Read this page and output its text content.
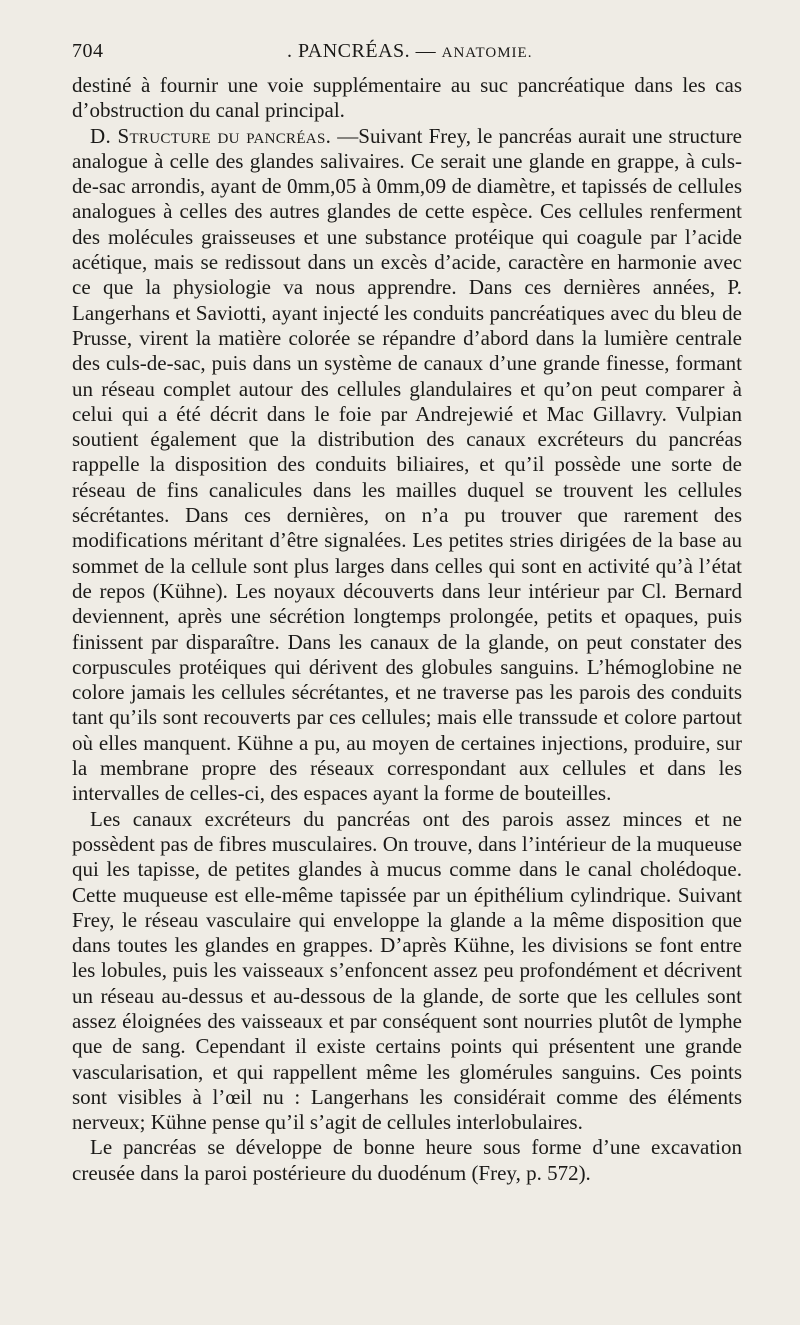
704	. PANCRÉAS. — ANATOMIE.

destiné à fournir une voie supplémentaire au suc pancréatique dans les cas d’obstruction du canal principal.

D. Structure du pancréas. —Suivant Frey, le pancréas aurait une structure analogue à celle des glandes salivaires. Ce serait une glande en grappe, à culs-de-sac arrondis, ayant de 0mm,05 à 0mm,09 de diamètre, et tapissés de cellules analogues à celles des autres glandes de cette espèce. Ces cellules renferment des molécules graisseuses et une substance protéique qui coagule par l’acide acétique, mais se redissout dans un excès d’acide, caractère en harmonie avec ce que la physiologie va nous apprendre. Dans ces dernières années, P. Langerhans et Saviotti, ayant injecté les conduits pancréatiques avec du bleu de Prusse, virent la matière colorée se répandre d’abord dans la lumière centrale des culs-de-sac, puis dans un système de canaux d’une grande finesse, formant un réseau complet autour des cellules glandulaires et qu’on peut comparer à celui qui a été décrit dans le foie par Andrejewié et Mac Gillavry. Vulpian soutient également que la distribution des canaux excréteurs du pancréas rappelle la disposition des conduits biliaires, et qu’il possède une sorte de réseau de fins canalicules dans les mailles duquel se trouvent les cellules sécrétantes. Dans ces dernières, on n’a pu trouver que rarement des modifications méritant d’être signalées. Les petites stries dirigées de la base au sommet de la cellule sont plus larges dans celles qui sont en activité qu’à l’état de repos (Kühne). Les noyaux découverts dans leur intérieur par Cl. Bernard deviennent, après une sécrétion longtemps prolongée, petits et opaques, puis finissent par disparaître. Dans les canaux de la glande, on peut constater des corpuscules protéiques qui dérivent des globules sanguins. L’hémoglobine ne colore jamais les cellules sécrétantes, et ne traverse pas les parois des conduits tant qu’ils sont recouverts par ces cellules; mais elle transsude et colore partout où elles manquent. Kühne a pu, au moyen de certaines injections, produire, sur la membrane propre des réseaux correspondant aux cellules et dans les intervalles de celles-ci, des espaces ayant la forme de bouteilles.

Les canaux excréteurs du pancréas ont des parois assez minces et ne possèdent pas de fibres musculaires. On trouve, dans l’intérieur de la muqueuse qui les tapisse, de petites glandes à mucus comme dans le canal cholédoque. Cette muqueuse est elle-même tapissée par un épithélium cylindrique. Suivant Frey, le réseau vasculaire qui enveloppe la glande a la même disposition que dans toutes les glandes en grappes. D’après Kühne, les divisions se font entre les lobules, puis les vaisseaux s’enfoncent assez peu profondément et décrivent un réseau au-dessus et au-dessous de la glande, de sorte que les cellules sont assez éloignées des vaisseaux et par conséquent sont nourries plutôt de lymphe que de sang. Cependant il existe certains points qui présentent une grande vascularisation, et qui rappellent même les glomérules sanguins. Ces points sont visibles à l’œil nu : Langerhans les considérait comme des éléments nerveux; Kühne pense qu’il s’agit de cellules interlobulaires.

Le pancréas se développe de bonne heure sous forme d’une excavation creusée dans la paroi postérieure du duodénum (Frey, p. 572).
